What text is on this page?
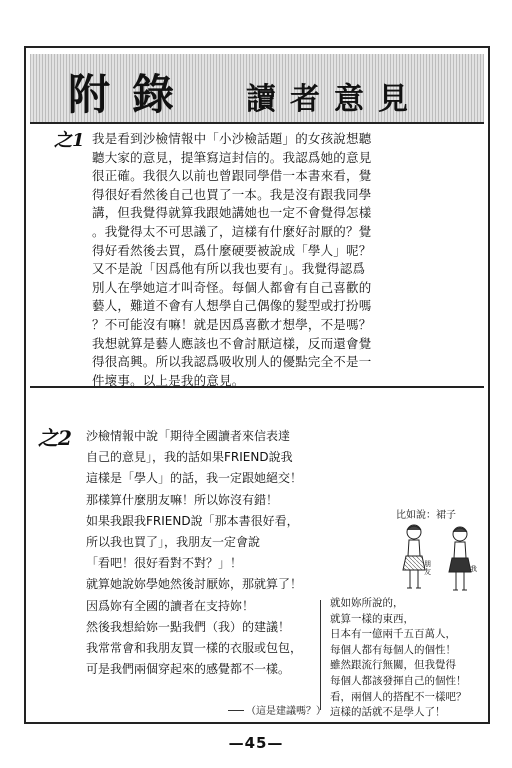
附錄 讀者意見
之1 我是看到沙檢情報中「小沙檢話題」的女孩說想聽
聽大家的意見，提筆寫這封信的。我認爲她的意見
很正確。我很久以前也曾跟同學借一本書來看，覺
得很好看然後自己也買了一本。我是沒有跟我同學
講，但我覺得就算我跟她講她也一定不會覺得怎樣
。我覺得太不可思議了，這樣有什麼好討厭的？覺
得好看然後去買，爲什麼硬要被說成「學人」呢？
又不是說「因爲他有所以我也要有」。我覺得認爲
別人在學她這才叫奇怪。每個人都會有自己喜歡的
藝人，難道不會有人想學自己偶像的髮型或打扮嗎
？不可能沒有嘛！就是因爲喜歡才想學，不是嗎？
我想就算是藝人應該也不會討厭這樣，反而還會覺
得很高興。所以我認爲吸收別人的優點完全不是一
件壞事。以上是我的意見。
之2 沙檢情報中說「期待全國讀者來信表達
自己的意見」，我的話如果FRIEND說我
這樣是「學人」的話，我一定跟她絕交！
那樣算什麼朋友嘛！所以妳沒有錯！
如果我跟我FRIEND說「那本書很好看，
所以我也買了」，我朋友一定會說
「看吧！很好看對不對？」！
就算她說妳學她然後討厭妳，那就算了！
因爲妳有全國的讀者在支持妳！
然後我想給妳一點我們（我）的建議！
我常常會和我朋友買一樣的衣服或包包，
可是我們兩個穿起來的感覺都不一樣。
比如說：裙子
朋友	我
就如妳所說的，
就算一樣的東西，
日本有一億兩千五百萬人，
每個人都有每個人的個性！
雖然跟流行無關，但我覺得
每個人都該發揮自己的個性！
看，兩個人的搭配不一樣吧？
這樣的話就不是學人了！
（這是建議嗎？）
—45—
